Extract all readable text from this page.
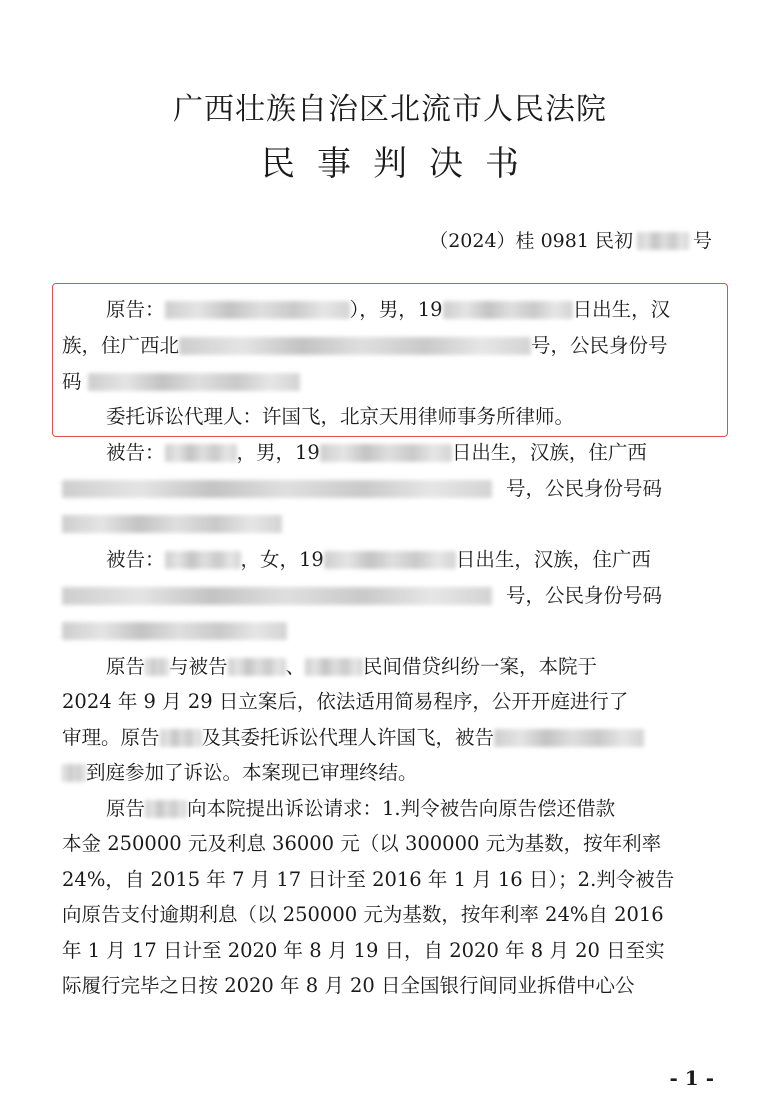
广西壮族自治区北流市人民法院
民事判决书
（2024）桂 0981 民初	号
原告：	），男，19	日出生，汉
族，住广西北	号，公民身份号
码
委托诉讼代理人：许国飞，北京天用律师事务所律师。
被告：	，男，19	日出生，汉族，住广西
号，公民身份号码
被告：	，女，19	日出生，汉族，住广西
号，公民身份号码
原告 与被告	、	民间借贷纠纷一案，本院于
2024 年 9 月 29 日立案后，依法适用简易程序，公开开庭进行了
审理。原告 及其委托诉讼代理人许国飞，被告
到庭参加了诉讼。本案现已审理终结。
原告 向本院提出诉讼请求：1.判令被告向原告偿还借款
本金 250000 元及利息 36000 元（以 300000 元为基数，按年利率
24%，自 2015 年 7 月 17 日计至 2016 年 1 月 16 日）；2.判令被告
向原告支付逾期利息（以 250000 元为基数，按年利率 24%自 2016
年 1 月 17 日计至 2020 年 8 月 19 日，自 2020 年 8 月 20 日至实
际履行完毕之日按 2020 年 8 月 20 日全国银行间同业拆借中心公
- 1 -
